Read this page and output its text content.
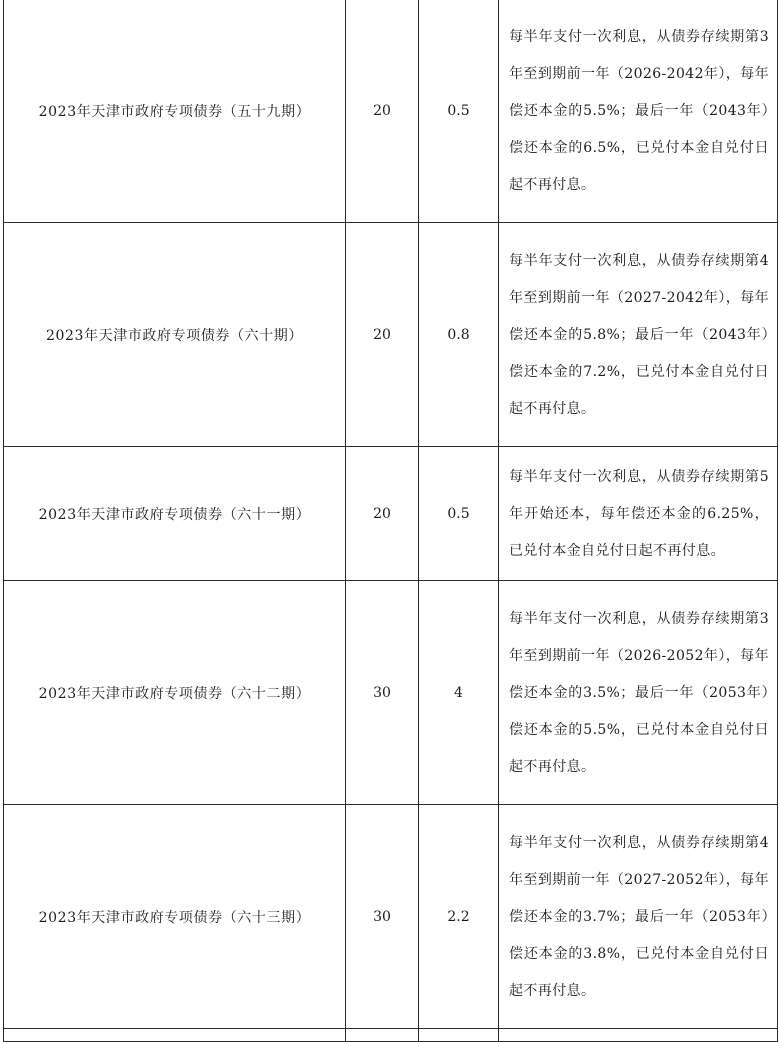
2023年天津市政府专项债券（五十九期）	20	0.5	每半年支付一次利息，从债券存续期第3年至到期前一年（2026-2042年），每年偿还本金的5.5%；最后一年（2043年）偿还本金的6.5%，已兑付本金自兑付日起不再付息。
2023年天津市政府专项债券（六十期）	20	0.8	每半年支付一次利息，从债券存续期第4年至到期前一年（2027-2042年），每年偿还本金的5.8%；最后一年（2043年）偿还本金的7.2%，已兑付本金自兑付日起不再付息。
2023年天津市政府专项债券（六十一期）	20	0.5	每半年支付一次利息，从债券存续期第5年开始还本，每年偿还本金的6.25%，已兑付本金自兑付日起不再付息。
2023年天津市政府专项债券（六十二期）	30	4	每半年支付一次利息，从债券存续期第3年至到期前一年（2026-2052年），每年偿还本金的3.5%；最后一年（2053年）偿还本金的5.5%，已兑付本金自兑付日起不再付息。
2023年天津市政府专项债券（六十三期）	30	2.2	每半年支付一次利息，从债券存续期第4年至到期前一年（2027-2052年），每年偿还本金的3.7%；最后一年（2053年）偿还本金的3.8%，已兑付本金自兑付日起不再付息。
